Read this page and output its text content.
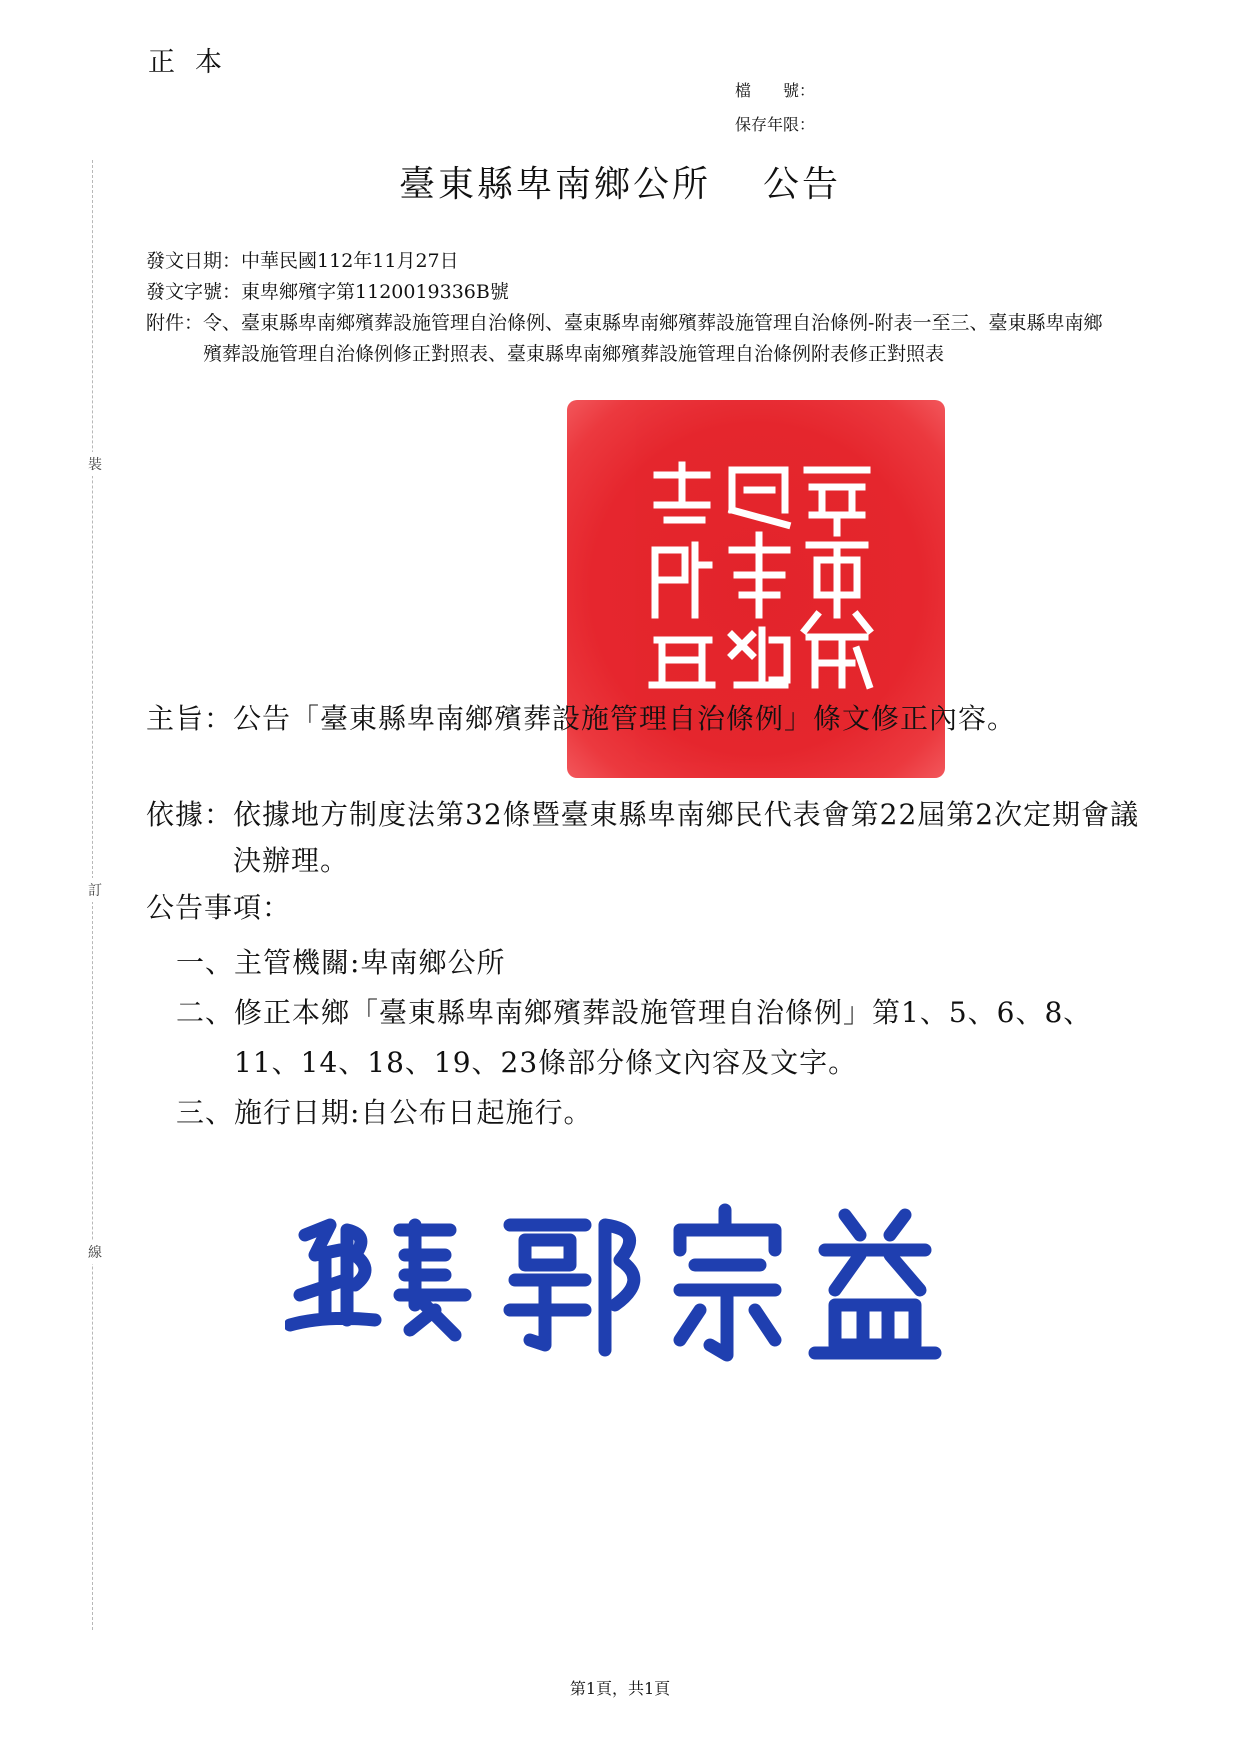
正本
檔　　號：
保存年限：
臺東縣卑南鄉公所 公告
發文日期： 中華民國112年11月27日
發文字號： 東卑鄉殯字第1120019336B號
附件： 令、臺東縣卑南鄉殯葬設施管理自治條例、臺東縣卑南鄉殯葬設施管理自治條例-附表一至三、臺東縣卑南鄉殯葬設施管理自治條例修正對照表、臺東縣卑南鄉殯葬設施管理自治條例附表修正對照表
裝
訂
線
主旨： 公告「臺東縣卑南鄉殯葬設施管理自治條例」條文修正內容。
依據： 依據地方制度法第32條暨臺東縣卑南鄉民代表會第22屆第2次定期會議決辦理。
公告事項：
一、 主管機關:卑南鄉公所
二、 修正本鄉「臺東縣卑南鄉殯葬設施管理自治條例」第1、5、6、8、11、14、18、19、23條部分條文內容及文字。
三、 施行日期:自公布日起施行。
第1頁，共1頁
